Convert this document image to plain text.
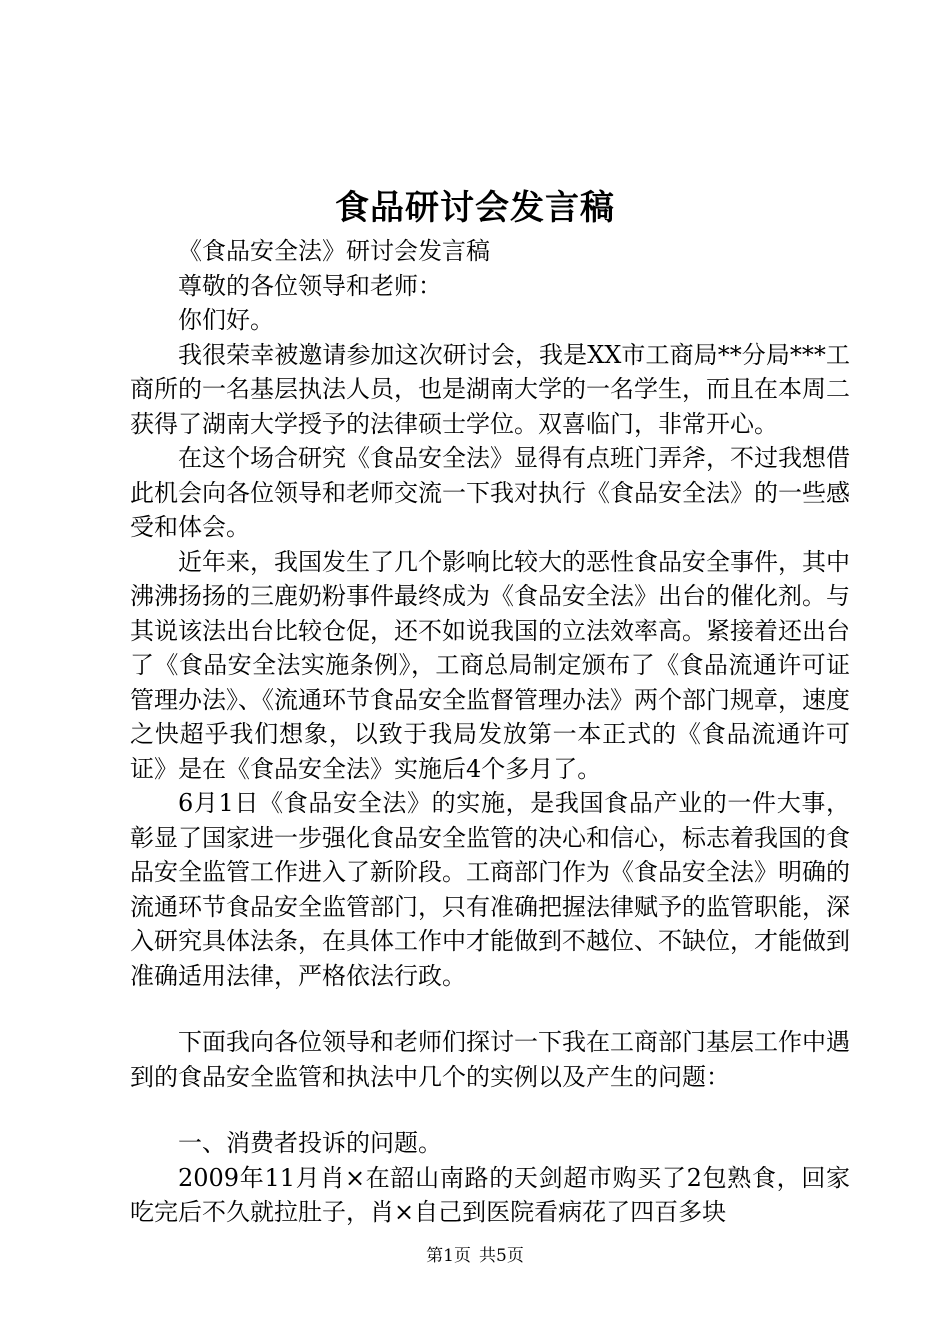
食品研讨会发言稿

《食品安全法》研讨会发言稿

尊敬的各位领导和老师：

你们好。

我很荣幸被邀请参加这次研讨会，我是XX市工商局**分局***工商所的一名基层执法人员，也是湖南大学的一名学生，而且在本周二获得了湖南大学授予的法律硕士学位。双喜临门，非常开心。

在这个场合研究《食品安全法》显得有点班门弄斧，不过我想借此机会向各位领导和老师交流一下我对执行《食品安全法》的一些感受和体会。

近年来，我国发生了几个影响比较大的恶性食品安全事件，其中沸沸扬扬的三鹿奶粉事件最终成为《食品安全法》出台的催化剂。与其说该法出台比较仓促，还不如说我国的立法效率高。紧接着还出台了《食品安全法实施条例》，工商总局制定颁布了《食品流通许可证管理办法》、《流通环节食品安全监督管理办法》两个部门规章，速度之快超乎我们想象，以致于我局发放第一本正式的《食品流通许可证》是在《食品安全法》实施后4个多月了。

6月1日《食品安全法》的实施，是我国食品产业的一件大事，彰显了国家进一步强化食品安全监管的决心和信心，标志着我国的食品安全监管工作进入了新阶段。工商部门作为《食品安全法》明确的流通环节食品安全监管部门，只有准确把握法律赋予的监管职能，深入研究具体法条，在具体工作中才能做到不越位、不缺位，才能做到准确适用法律，严格依法行政。

下面我向各位领导和老师们探讨一下我在工商部门基层工作中遇到的食品安全监管和执法中几个的实例以及产生的问题：

一、消费者投诉的问题。

2009年11月肖×在韶山南路的天剑超市购买了2包熟食，回家吃完后不久就拉肚子，肖×自己到医院看病花了四百多块

第1页 共5页
